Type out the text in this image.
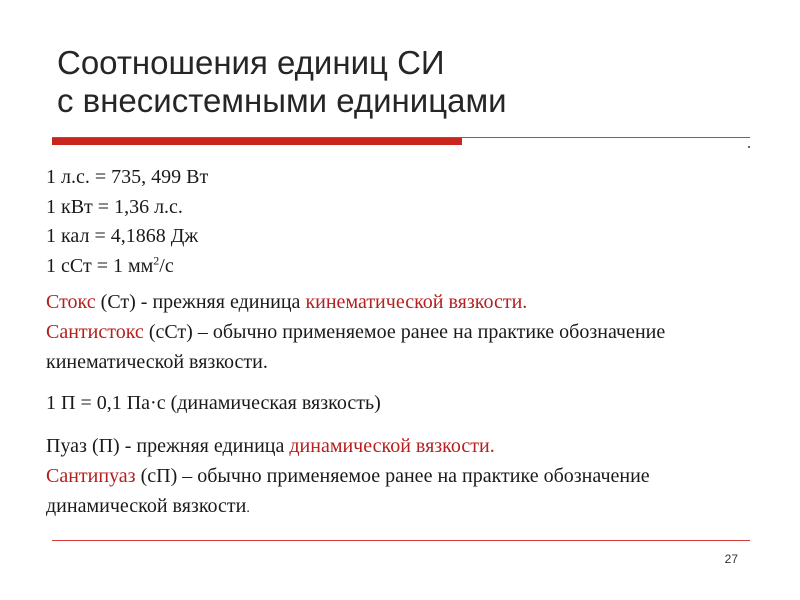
Соотношения единиц СИ
с внесистемными единицами
1 л.с. = 735, 499 Вт
1 кВт = 1,36 л.с.
1 кал = 4,1868 Дж
1 сСт = 1 $мм^2/с$
Стокс (Ст) - прежняя единица кинематической вязкости.
Сантистокс (сСт) – обычно применяемое ранее на практике обозначение кинематической вязкости.
1 П = 0,1 Па·с (динамическая вязкость)
Пуаз (П) - прежняя единица динамической вязкости.
Сантипуаз (сП) – обычно применяемое ранее на практике обозначение динамической вязкости.
27
